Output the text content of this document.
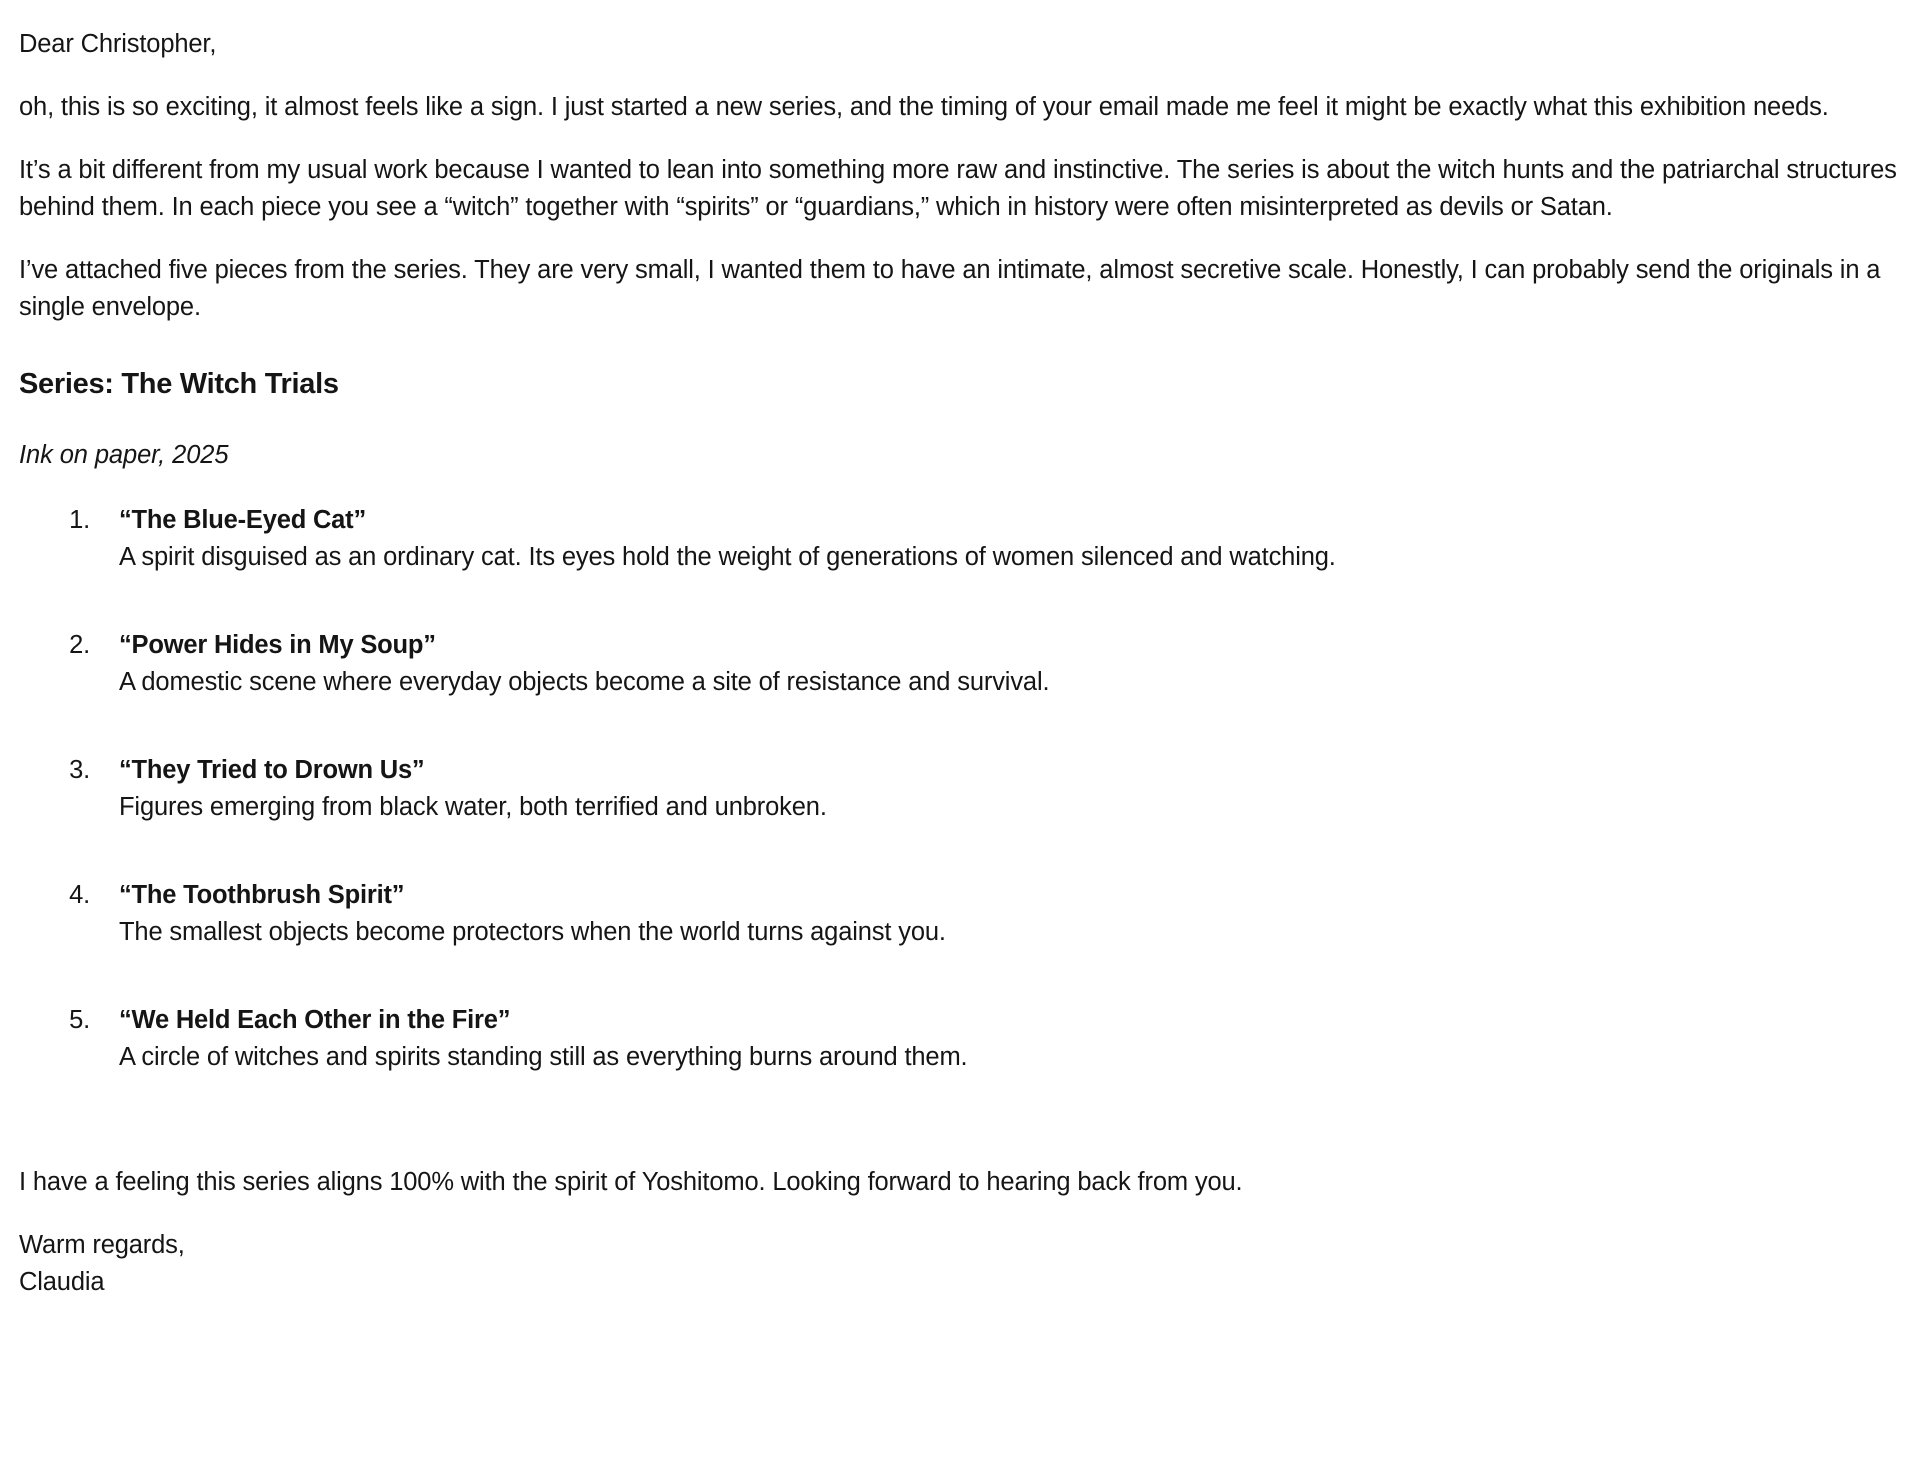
Dear Christopher,

oh, this is so exciting, it almost feels like a sign. I just started a new series, and the timing of your email made me feel it might be exactly what this exhibition needs.

It’s a bit different from my usual work because I wanted to lean into something more raw and instinctive. The series is about the witch hunts and the patriarchal structures behind them. In each piece you see a “witch” together with “spirits” or “guardians,” which in history were often misinterpreted as devils or Satan.

I’ve attached five pieces from the series. They are very small, I wanted them to have an intimate, almost secretive scale. Honestly, I can probably send the originals in a single envelope.

Series: The Witch Trials

Ink on paper, 2025

1. “The Blue-Eyed Cat”
A spirit disguised as an ordinary cat. Its eyes hold the weight of generations of women silenced and watching.
2. “Power Hides in My Soup”
A domestic scene where everyday objects become a site of resistance and survival.
3. “They Tried to Drown Us”
Figures emerging from black water, both terrified and unbroken.
4. “The Toothbrush Spirit”
The smallest objects become protectors when the world turns against you.
5. “We Held Each Other in the Fire”
A circle of witches and spirits standing still as everything burns around them.

I have a feeling this series aligns 100% with the spirit of Yoshitomo. Looking forward to hearing back from you.

Warm regards,
Claudia
